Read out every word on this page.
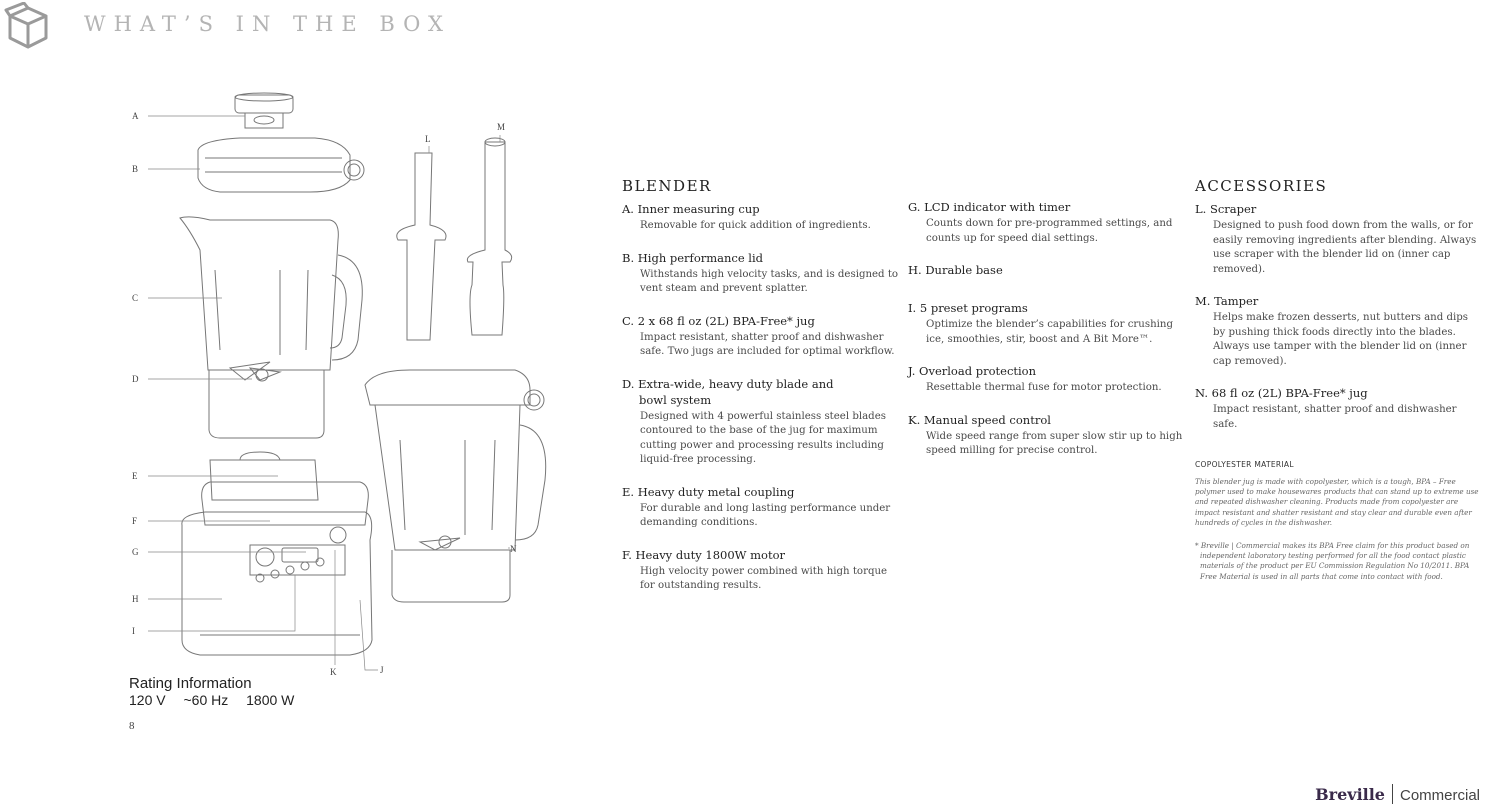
WHAT’S IN THE BOX
A
B
C
D
E
F
G
H
I
K	J
L
M
N
Rating Information
120 V ~60 Hz 1800 W
8
BLENDER
A. Inner measuring cup
Removable for quick addition of ingredients.
B. High performance lid
Withstands high velocity tasks, and is designed to vent steam and prevent splatter.
C. 2 x 68 fl oz (2L) BPA-Free* jug
Impact resistant, shatter proof and dishwasher safe. Two jugs are included for optimal workflow.
D. Extra-wide, heavy duty blade and
bowl system
Designed with 4 powerful stainless steel blades contoured to the base of the jug for maximum cutting power and processing results including liquid-free processing.
E. Heavy duty metal coupling
For durable and long lasting performance under demanding conditions.
F. Heavy duty 1800W motor
High velocity power combined with high torque for outstanding results.
G. LCD indicator with timer
Counts down for pre-programmed settings, and counts up for speed dial settings.
H. Durable base
I. 5 preset programs
Optimize the blender’s capabilities for crushing ice, smoothies, stir, boost and A Bit More™.
J. Overload protection
Resettable thermal fuse for motor protection.
K. Manual speed control
Wide speed range from super slow stir up to high speed milling for precise control.
ACCESSORIES
L. Scraper
Designed to push food down from the walls, or for easily removing ingredients after blending. Always use scraper with the blender lid on (inner cap removed).
M. Tamper
Helps make frozen desserts, nut butters and dips by pushing thick foods directly into the blades. Always use tamper with the blender lid on (inner cap removed).
N. 68 fl oz (2L) BPA-Free* jug
Impact resistant, shatter proof and dishwasher safe.
COPOLYESTER MATERIAL
This blender jug is made with copolyester, which is a tough, BPA – Free polymer used to make housewares products that can stand up to extreme use and repeated dishwasher cleaning. Products made from copolyester are impact resistant and shatter resistant and stay clear and durable even after hundreds of cycles in the dishwasher.
* Breville | Commercial makes its BPA Free claim for this product based on independent laboratory testing performed for all the food contact plastic materials of the product per EU Commission Regulation No 10/2011. BPA Free Material is used in all parts that come into contact with food.
Breville Commercial
